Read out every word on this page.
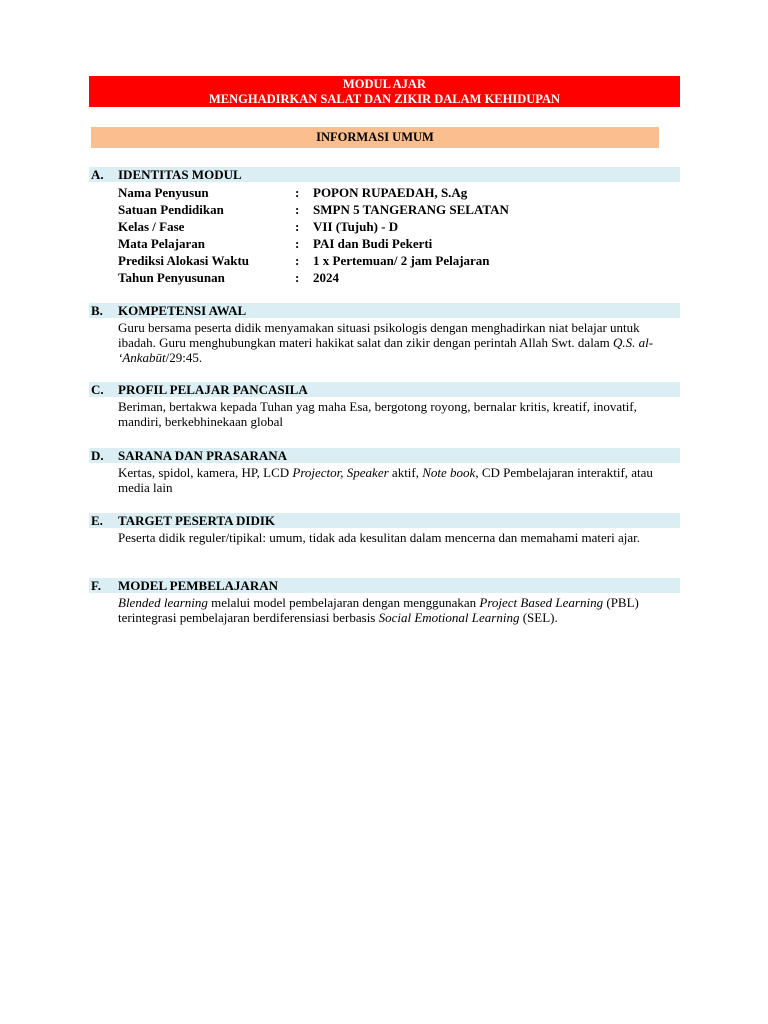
MODUL AJAR
MENGHADIRKAN SALAT DAN ZIKIR DALAM KEHIDUPAN
INFORMASI UMUM
A. IDENTITAS MODUL
Nama Penyusun	: POPON RUPAEDAH, S.Ag
Satuan Pendidikan	: SMPN 5 TANGERANG SELATAN
Kelas / Fase	: VII (Tujuh) - D
Mata Pelajaran	: PAI dan Budi Pekerti
Prediksi Alokasi Waktu	: 1 x Pertemuan/ 2 jam Pelajaran
Tahun Penyusunan	: 2024
B. KOMPETENSI AWAL
Guru bersama peserta didik menyamakan situasi psikologis dengan menghadirkan niat belajar untuk ibadah. Guru menghubungkan materi hakikat salat dan zikir dengan perintah Allah Swt. dalam Q.S. al- ‘Ankabūt/29:45.
C. PROFIL PELAJAR PANCASILA
Beriman, bertakwa kepada Tuhan yag maha Esa, bergotong royong, bernalar kritis, kreatif, inovatif, mandiri, berkebhinekaan global
D. SARANA DAN PRASARANA
Kertas, spidol, kamera, HP, LCD Projector, Speaker aktif, Note book, CD Pembelajaran interaktif, atau media lain
E. TARGET PESERTA DIDIK
Peserta didik reguler/tipikal: umum, tidak ada kesulitan dalam mencerna dan memahami materi ajar.
F. MODEL PEMBELAJARAN
Blended learning melalui model pembelajaran dengan menggunakan Project Based Learning (PBL) terintegrasi pembelajaran berdiferensiasi berbasis Social Emotional Learning (SEL).
